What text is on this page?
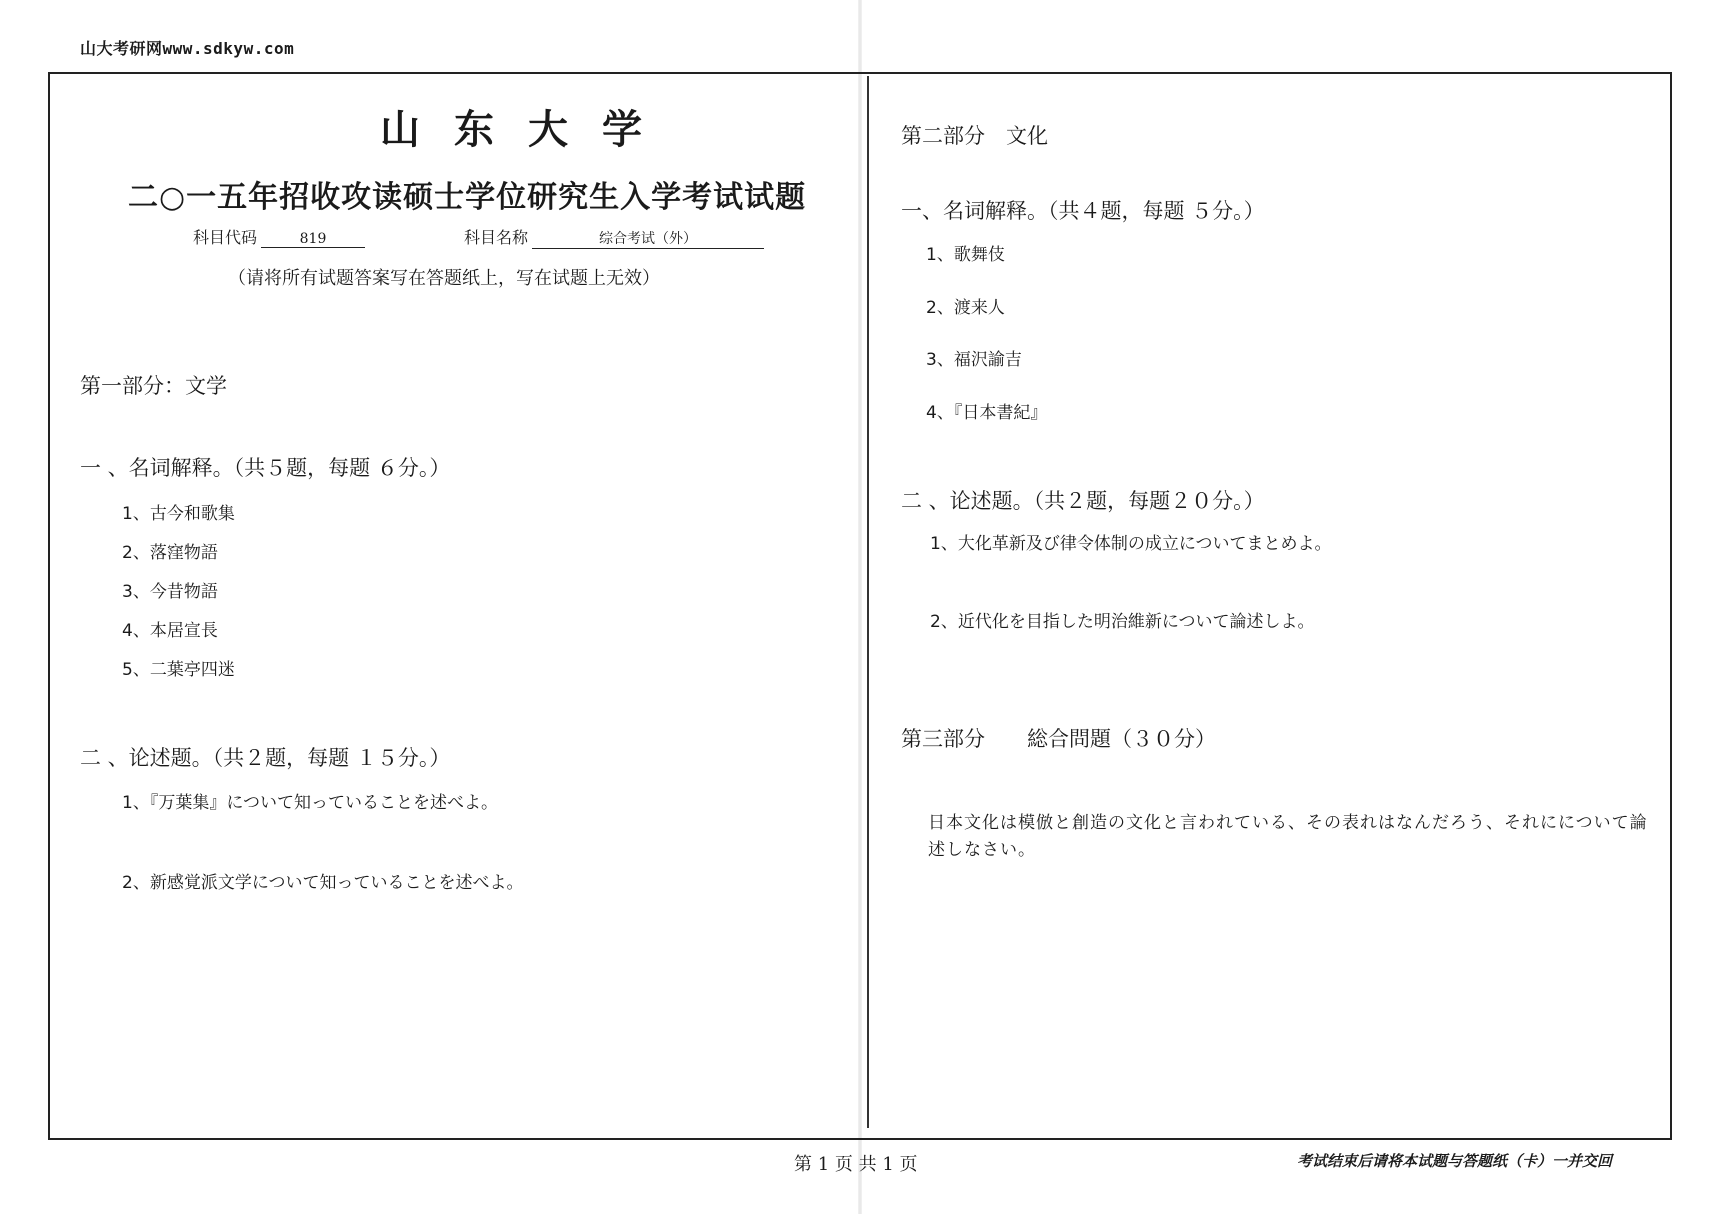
山大考研网www.sdkyw.com
山东大学
二○一五年招收攻读硕士学位研究生入学考试试题
科目代码	819	科目名称	综合考试（外）
（请将所有试题答案写在答题纸上，写在试题上无效）
第一部分：文学
一 、名词解释。（共５题，每题 ６分。）
1、古今和歌集
2、落窪物語
3、今昔物語
4、本居宣長
5、二葉亭四迷
二 、论述题。（共２题，每题 １５分。）
1、『万葉集』について知っていることを述べよ。
2、新感覚派文学について知っていることを述べよ。
第二部分　文化
一、名词解释。（共４题，每题 ５分。）
1、歌舞伎
2、渡来人
3、福沢諭吉
4、『日本書紀』
二 、论述题。（共２题，每题２０分。）
1、大化革新及び律令体制の成立についてまとめよ。
2、近代化を目指した明治維新について論述しよ。
第三部分　　総合問題（３０分）
日本文化は模倣と創造の文化と言われている、その表れはなんだろう、それにについて論述しなさい。
第 1 页 共 1 页	考试结束后请将本试题与答题纸（卡）一并交回
